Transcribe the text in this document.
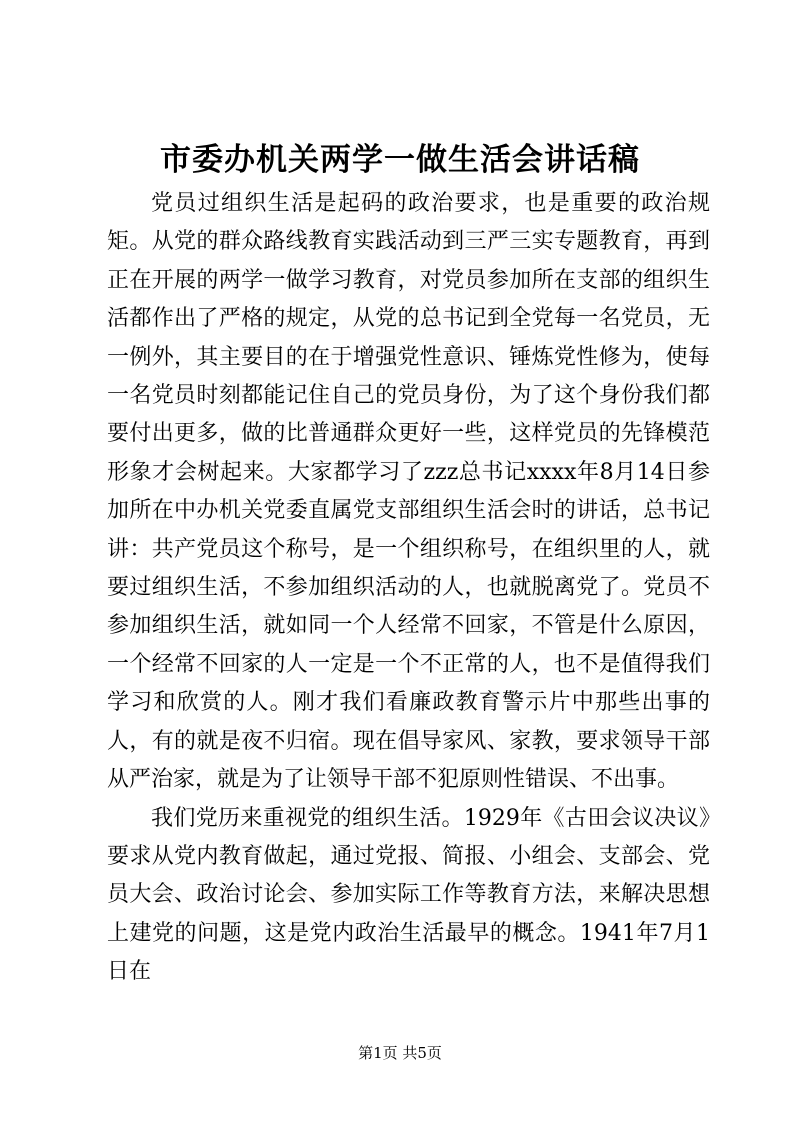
市委办机关两学一做生活会讲话稿

党员过组织生活是起码的政治要求，也是重要的政治规矩。从党的群众路线教育实践活动到三严三实专题教育，再到正在开展的两学一做学习教育，对党员参加所在支部的组织生活都作出了严格的规定，从党的总书记到全党每一名党员，无一例外，其主要目的在于增强党性意识、锤炼党性修为，使每一名党员时刻都能记住自己的党员身份，为了这个身份我们都要付出更多，做的比普通群众更好一些，这样党员的先锋模范形象才会树起来。大家都学习了zzz总书记xxxx年8月14日参加所在中办机关党委直属党支部组织生活会时的讲话，总书记讲：共产党员这个称号，是一个组织称号，在组织里的人，就要过组织生活，不参加组织活动的人，也就脱离党了。党员不参加组织生活，就如同一个人经常不回家，不管是什么原因，一个经常不回家的人一定是一个不正常的人，也不是值得我们学习和欣赏的人。刚才我们看廉政教育警示片中那些出事的人，有的就是夜不归宿。现在倡导家风、家教，要求领导干部从严治家，就是为了让领导干部不犯原则性错误、不出事。

我们党历来重视党的组织生活。1929年《古田会议决议》要求从党内教育做起，通过党报、简报、小组会、支部会、党员大会、政治讨论会、参加实际工作等教育方法，来解决思想上建党的问题，这是党内政治生活最早的概念。1941年7月1日在

第1页 共5页
